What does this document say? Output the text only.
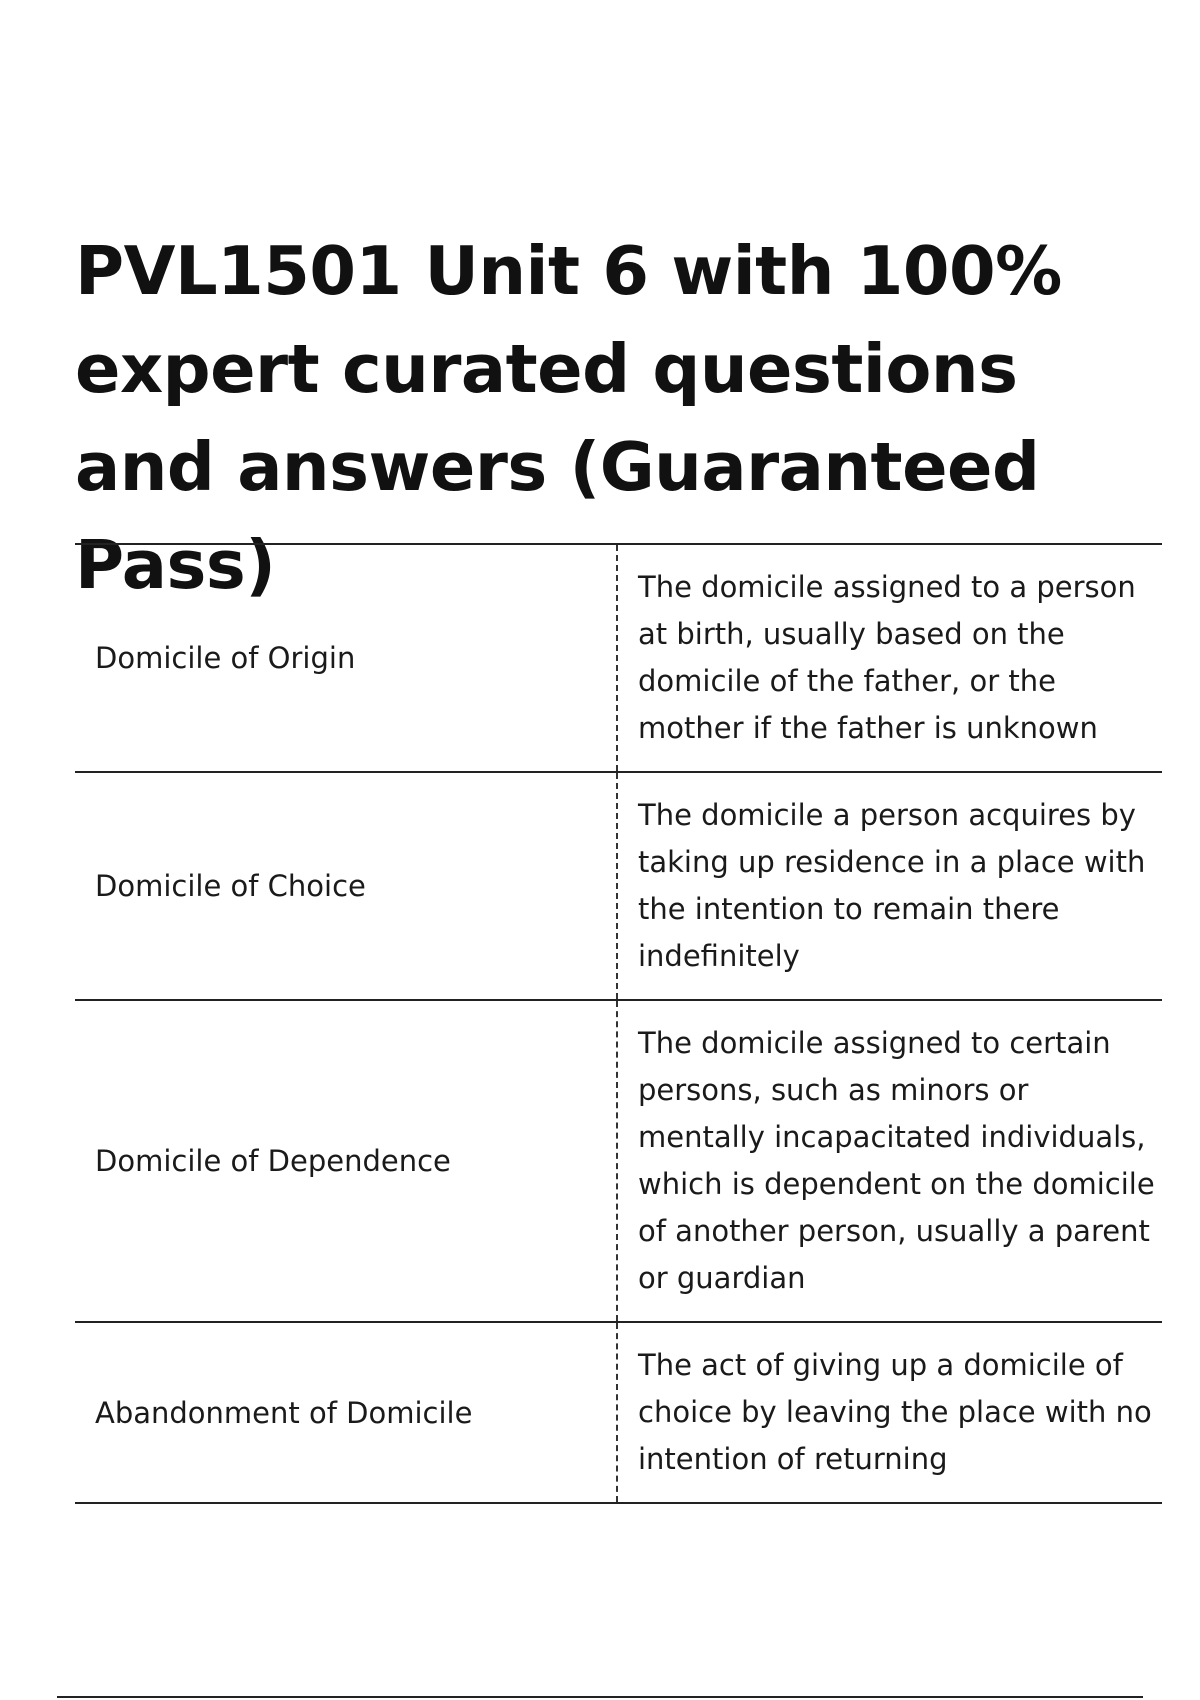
PVL1501 Unit 6 with 100% expert curated questions and answers (Guaranteed Pass)
Domicile of Origin	The domicile assigned to a person at birth, usually based on the domicile of the father, or the mother if the father is unknown
Domicile of Choice	The domicile a person acquires by taking up residence in a place with the intention to remain there indefinitely
Domicile of Dependence	The domicile assigned to certain persons, such as minors or mentally incapacitated individuals, which is dependent on the domicile of another person, usually a parent or guardian
Abandonment of Domicile	The act of giving up a domicile of choice by leaving the place with no intention of returning
